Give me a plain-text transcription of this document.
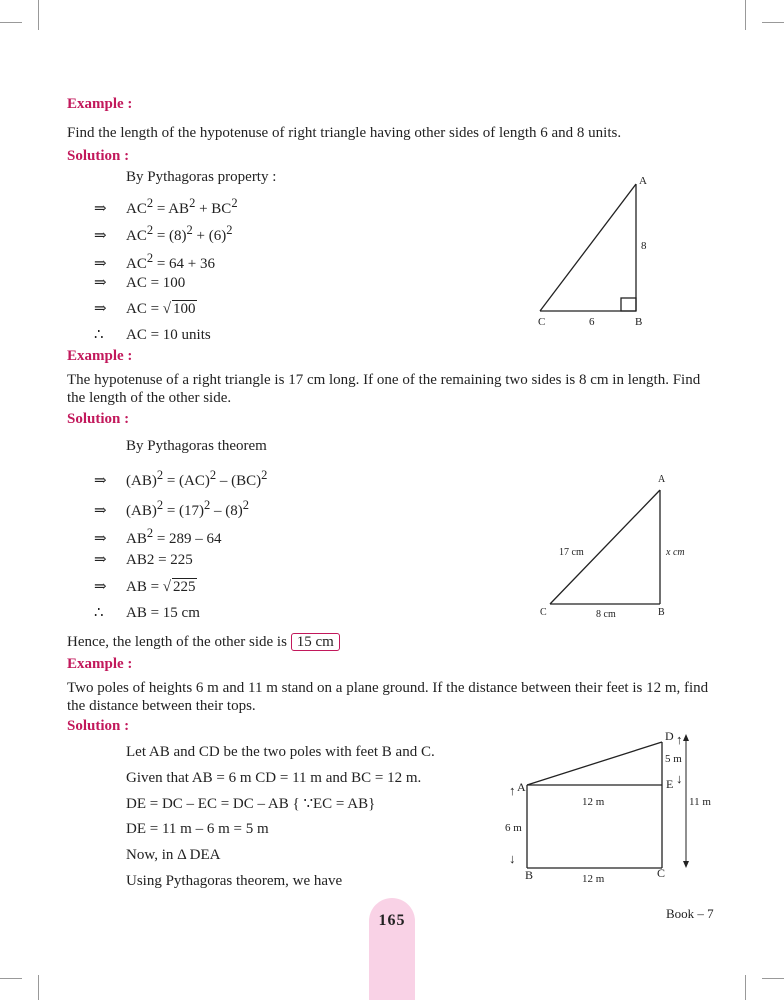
Example :
Find the length of the hypotenuse of right triangle having other sides of length 6 and 8 units.
Solution :
By Pythagoras property :
⇒ $AC^2 = AB^2 + BC^2$
⇒ $AC^2 = (8)^2 + (6)^2$
⇒ $AC^2 = 64 + 36$
⇒ AC = 100
⇒ AC = √ 100
∴ AC = 10 units
A
8
C	6	B
Example :
The hypotenuse of a right triangle is 17 cm long. If one of the remaining two sides is 8 cm in length. Find the length of the other side.
Solution :
By Pythagoras theorem
⇒ (AB)$^2$ = (AC)$^2$ – (BC)$^2$
⇒ $(AB)^2 = (17)^2 - (8)^2$
⇒ $AB^2 = 289 - 64$
⇒ AB2 = 225
⇒ AB = √ 225
∴ AB = 15 cm
A
17 cm	x cm
C	8 cm	B
Hence, the length of the other side is 15 cm
Example :
Two poles of heights 6 m and 11 m stand on a plane ground. If the distance between their feet is 12 m, find the distance between their tops.
Solution :
Let AB and CD be the two poles with feet B and C.
Given that AB = 6 m CD = 11 m and BC = 12 m.
DE = DC – EC = DC – AB { ∵EC = AB}
DE = 11 m – 6 m = 5 m
Now, in Δ DEA
Using Pythagoras theorem, we have
D ↑
5 m
E ↓
↑ A
12 m	11 m
6 m
↓
B	12 m	C
165	Book – 7
